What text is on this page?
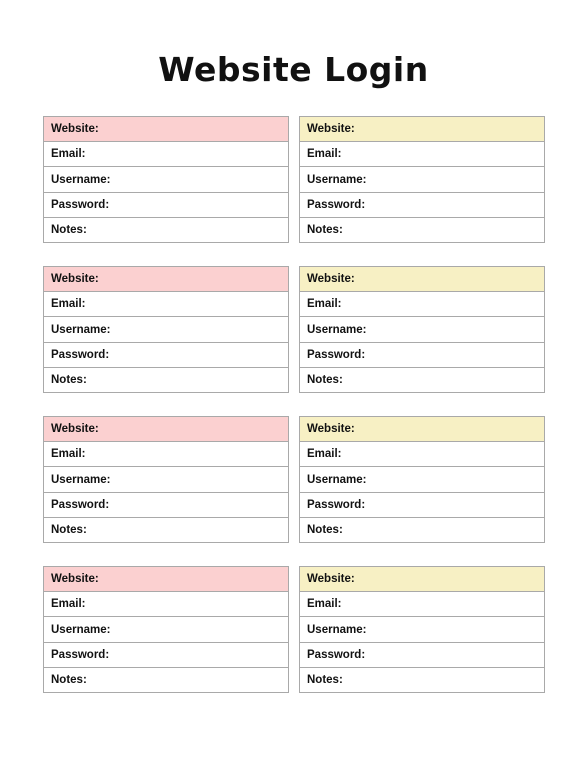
Website Login
Website:
Email:
Username:
Password:
Notes:
Website:
Email:
Username:
Password:
Notes:
Website:
Email:
Username:
Password:
Notes:
Website:
Email:
Username:
Password:
Notes:
Website:
Email:
Username:
Password:
Notes:
Website:
Email:
Username:
Password:
Notes:
Website:
Email:
Username:
Password:
Notes:
Website:
Email:
Username:
Password:
Notes:
